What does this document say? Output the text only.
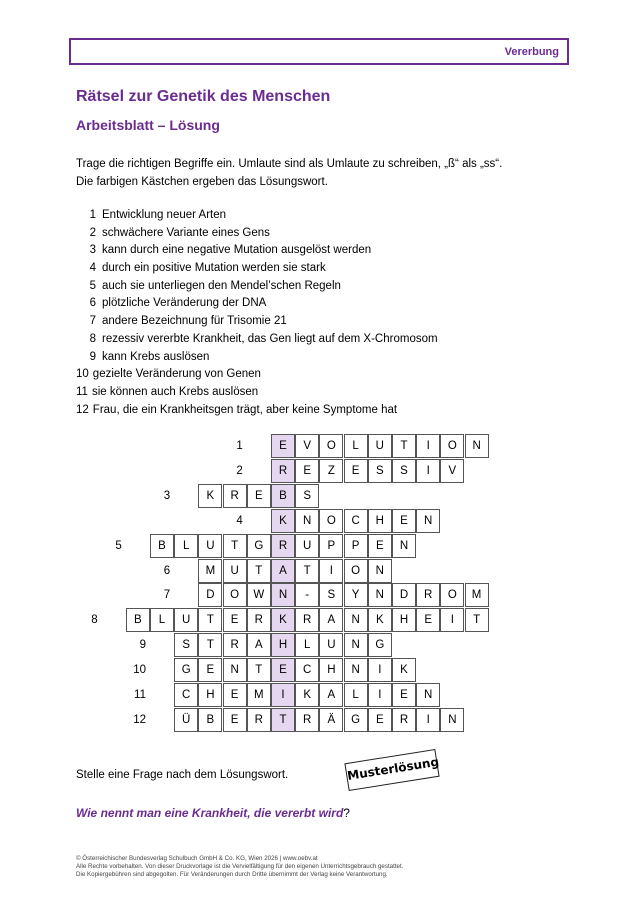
Vererbung
Rätsel zur Genetik des Menschen
Arbeitsblatt – Lösung
Trage die richtigen Begriffe ein. Umlaute sind als Umlaute zu schreiben, „ß“ als „ss“.
Die farbigen Kästchen ergeben das Lösungswort.
1 Entwicklung neuer Arten
2 schwächere Variante eines Gens
3 kann durch eine negative Mutation ausgelöst werden
4 durch ein positive Mutation werden sie stark
5 auch sie unterliegen den Mendel’schen Regeln
6 plötzliche Veränderung der DNA
7 andere Bezeichnung für Trisomie 21
8 rezessiv vererbte Krankheit, das Gen liegt auf dem X-Chromosom
9 kann Krebs auslösen
10 gezielte Veränderung von Genen
11 sie können auch Krebs auslösen
12 Frau, die ein Krankheitsgen trägt, aber keine Symptome hat
1	E	V	O	L	U	T	I	O	N
2	R	E	Z	E	S	S	I	V
3	K	R	E	B	S
4	K	N	O	C	H	E	N
5	B	L	U	T	G	R	U	P	P	E	N
6	M	U	T	A	T	I	O	N
7	D	O	W	N	-	S	Y	N	D	R	O	M
8	B	L	U	T	E	R	K	R	A	N	K	H	E	I	T
9	S	T	R	A	H	L	U	N	G
10	G	E	N	T	E	C	H	N	I	K
11	C	H	E	M	I	K	A	L	I	E	N
12	Ü	B	E	R	T	R	Ä	G	E	R	I	N
Stelle eine Frage nach dem Lösungswort.	Musterlösung
Wie nennt man eine Krankheit, die vererbt wird?
© Österreichischer Bundesverlag Schulbuch GmbH & Co. KG, Wien 2026 | www.oebv.at
Alle Rechte vorbehalten. Von dieser Druckvorlage ist die Vervielfältigung für den eigenen Unterrichtsgebrauch gestattet.
Die Kopiergebühren sind abgegolten. Für Veränderungen durch Dritte übernimmt der Verlag keine Verantwortung.
